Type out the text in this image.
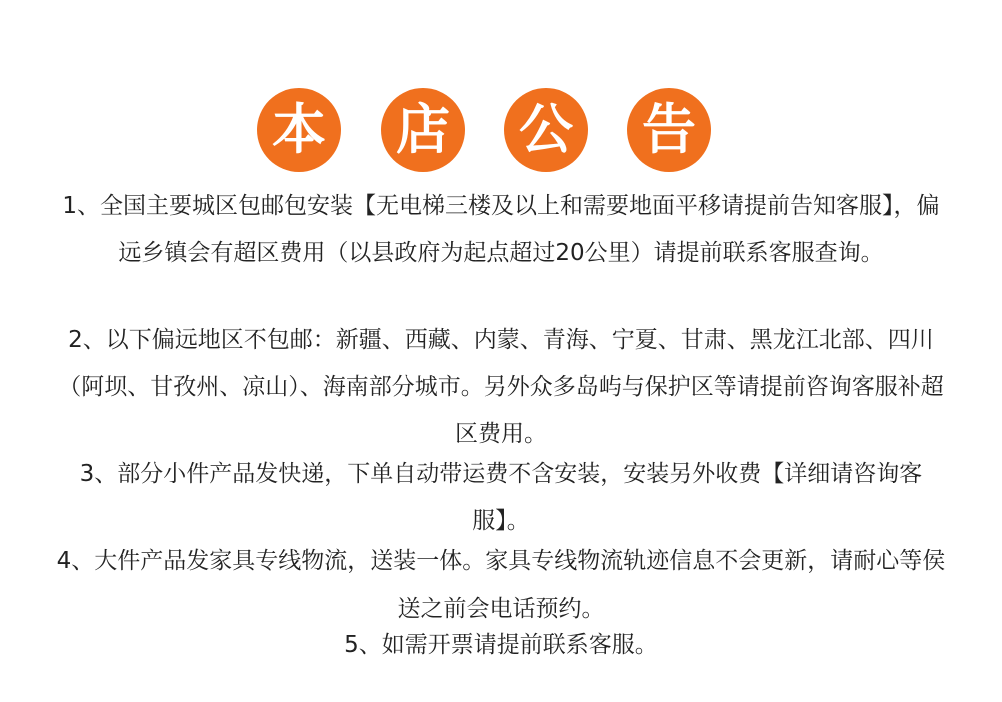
本 店 公 告

1、全国主要城区包邮包安装【无电梯三楼及以上和需要地面平移请提前告知客服】，偏远乡镇会有超区费用（以县政府为起点超过20公里）请提前联系客服查询。

2、以下偏远地区不包邮：新疆、西藏、内蒙、青海、宁夏、甘肃、黑龙江北部、四川（阿坝、甘孜州、凉山）、海南部分城市。另外众多岛屿与保护区等请提前咨询客服补超区费用。

3、部分小件产品发快递，下单自动带运费不含安装，安装另外收费【详细请咨询客服】。

4、大件产品发家具专线物流，送装一体。家具专线物流轨迹信息不会更新，请耐心等侯送之前会电话预约。

5、如需开票请提前联系客服。
